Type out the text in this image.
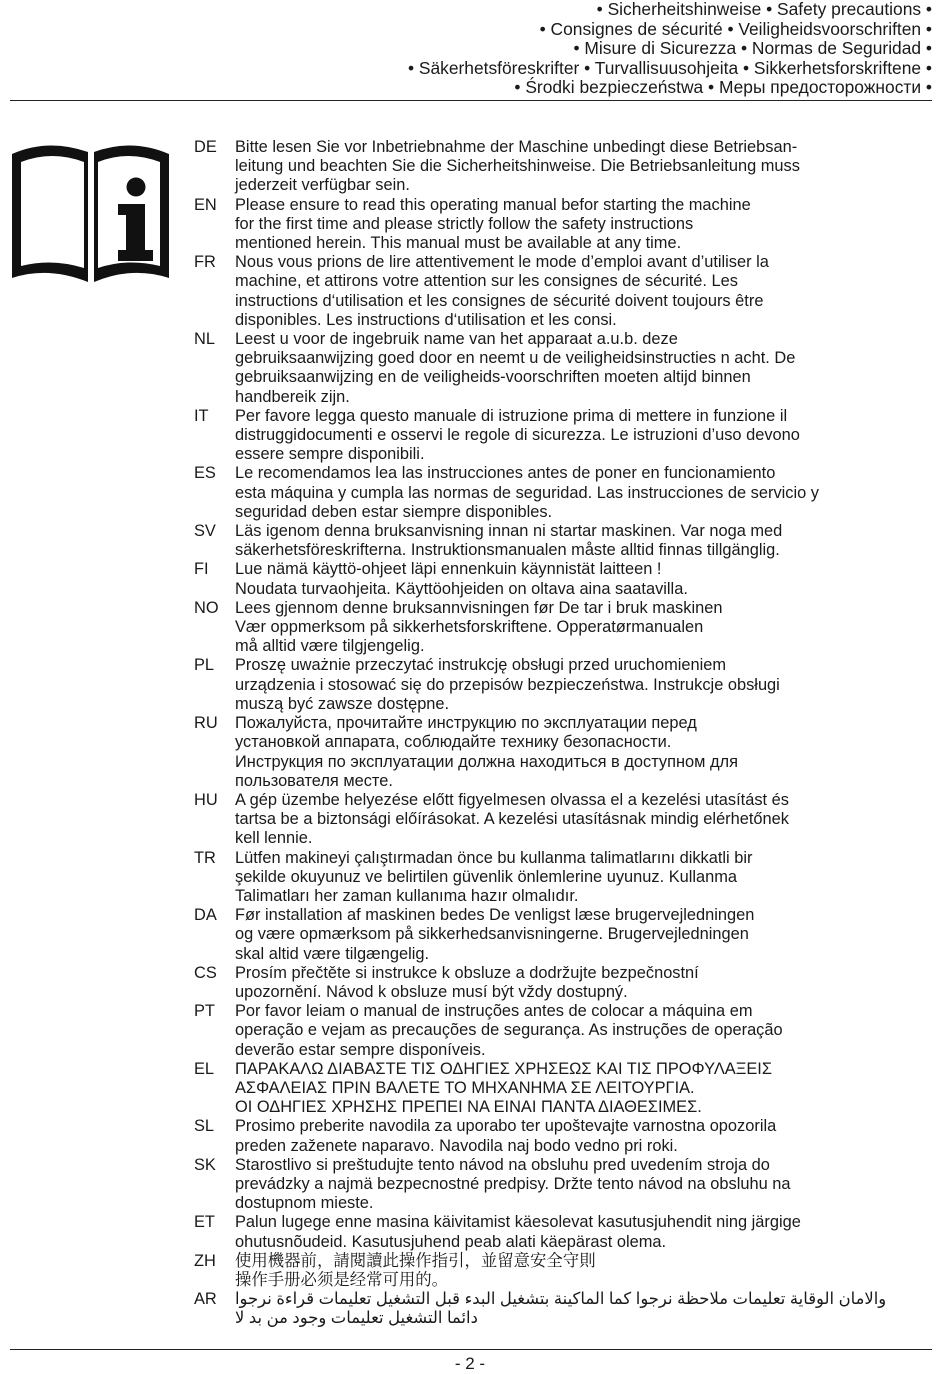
• Sicherheitshinweise • Safety precautions •
• Consignes de sécurité • Veiligheidsvoorschriften •
• Misure di Sicurezza • Normas de Seguridad •
• Säkerhetsföreskrifter • Turvallisuusohjeita • Sikkerhetsforskriftene •
• Środki bezpieczeństwa • Меры предосторожности •
DE	Bitte lesen Sie vor Inbetriebnahme der Maschine unbedingt diese Betriebsan-
leitung und beachten Sie die Sicherheitshinweise. Die Betriebsanleitung muss
jederzeit verfügbar sein.
EN	Please ensure to read this operating manual befor starting the machine
for the first time and please strictly follow the safety instructions
mentioned herein. This manual must be available at any time.
FR	Nous vous prions de lire attentivement le mode d’emploi avant d’utiliser la
machine, et attirons votre attention sur les consignes de sécurité. Les
instructions d‘utilisation et les consignes de sécurité doivent toujours être
disponibles. Les instructions d‘utilisation et les consi.
NL	Leest u voor de ingebruik name van het apparaat a.u.b. deze
gebruiksaanwijzing goed door en neemt u de veiligheidsinstructies n acht. De
gebruiksaanwijzing en de veiligheids-voorschriften moeten altijd binnen
handbereik zijn.
IT	Per favore legga questo manuale di istruzione prima di mettere in funzione il
distruggidocumenti e osservi le regole di sicurezza. Le istruzioni d’uso devono
essere sempre disponibili.
ES	Le recomendamos lea las instrucciones antes de poner en funcionamiento
esta máquina y cumpla las normas de seguridad. Las instrucciones de servicio y
seguridad deben estar siempre disponibles.
SV	Läs igenom denna bruksanvisning innan ni startar maskinen. Var noga med
säkerhetsföreskrifterna. Instruktionsmanualen måste alltid finnas tillgänglig.
FI	Lue nämä käyttö-ohjeet läpi ennenkuin käynnistät laitteen !
Noudata turvaohjeita. Käyttöohjeiden on oltava aina saatavilla.
NO	Lees gjennom denne bruksannvisningen før De tar i bruk maskinen
Vær oppmerksom på sikkerhetsforskriftene. Opperatørmanualen
må alltid være tilgjengelig.
PL	Proszę uważnie przeczytać instrukcję obsługi przed uruchomieniem
urządzenia i stosować się do przepisów bezpieczeństwa. Instrukcje obsługi
muszą być zawsze dostępne.
RU	Пожалуйста, прочитайте инструкцию по эксплуатации перед
установкой аппарата, соблюдайте технику безопасности.
Инструкция по эксплуатации должна находиться в доступном для
пользователя месте.
HU	A gép üzembe helyezése előtt figyelmesen olvassa el a kezelési utasítást és
tartsa be a biztonsági előírásokat. A kezelési utasításnak mindig elérhetőnek
kell lennie.
TR	Lütfen makineyi çalıştırmadan önce bu kullanma talimatlarını dikkatli bir
şekilde okuyunuz ve belirtilen güvenlik önlemlerine uyunuz. Kullanma
Talimatları her zaman kullanıma hazır olmalıdır.
DA	Før installation af maskinen bedes De venligst læse brugervejledningen
og være opmærksom på sikkerhedsanvisningerne. Brugervejledningen
skal altid være tilgængelig.
CS	Prosím přečtěte si instrukce k obsluze a dodržujte bezpečnostní
upozornění. Návod k obsluze musí být vždy dostupný.
PT	Por favor leiam o manual de instruções antes de colocar a máquina em
operação e vejam as precauções de segurança. As instruções de operação
deverão estar sempre disponíveis.
EL	ΠΑΡΑΚΑΛΩ ΔΙΑΒΑΣΤΕ ΤΙΣ ΟΔΗΓΙΕΣ ΧΡΗΣΕΩΣ ΚΑΙ ΤΙΣ ΠΡΟΦΥΛΑΞΕΙΣ
ΑΣΦΑΛΕΙΑΣ ΠΡΙΝ ΒΑΛΕΤΕ ΤΟ ΜΗΧΑΝΗΜΑ ΣΕ ΛΕΙΤΟΥΡΓΙΑ.
ΟΙ ΟΔΗΓΙΕΣ ΧΡΗΣΗΣ ΠΡΕΠΕΙ ΝΑ ΕΙΝΑΙ ΠΑΝΤΑ ΔΙΑΘΕΣΙΜΕΣ.
SL	Prosimo preberite navodila za uporabo ter upoštevajte varnostna opozorila
preden zaženete naparavo. Navodila naj bodo vedno pri roki.
SK	Starostlivo si preštudujte tento návod na obsluhu pred uvedením stroja do
prevádzky a najmä bezpecnostné predpisy. Držte tento návod na obsluhu na
dostupnom mieste.
ET	Palun lugege enne masina käivitamist käesolevat kasutusjuhendit ning järgige
ohutusnõudeid. Kasutusjuhend peab alati käepärast olema.
ZH	使用機器前，請閱讀此操作指引，並留意安全守則
操作手册必须是经常可用的。
AR	والامان الوقاية تعليمات ملاحظة نرجوا كما الماكينة بتشغيل البدء قبل التشغيل تعليمات قراءة نرجوا
دائما التشغيل تعليمات وجود من بد لا
- 2 -
